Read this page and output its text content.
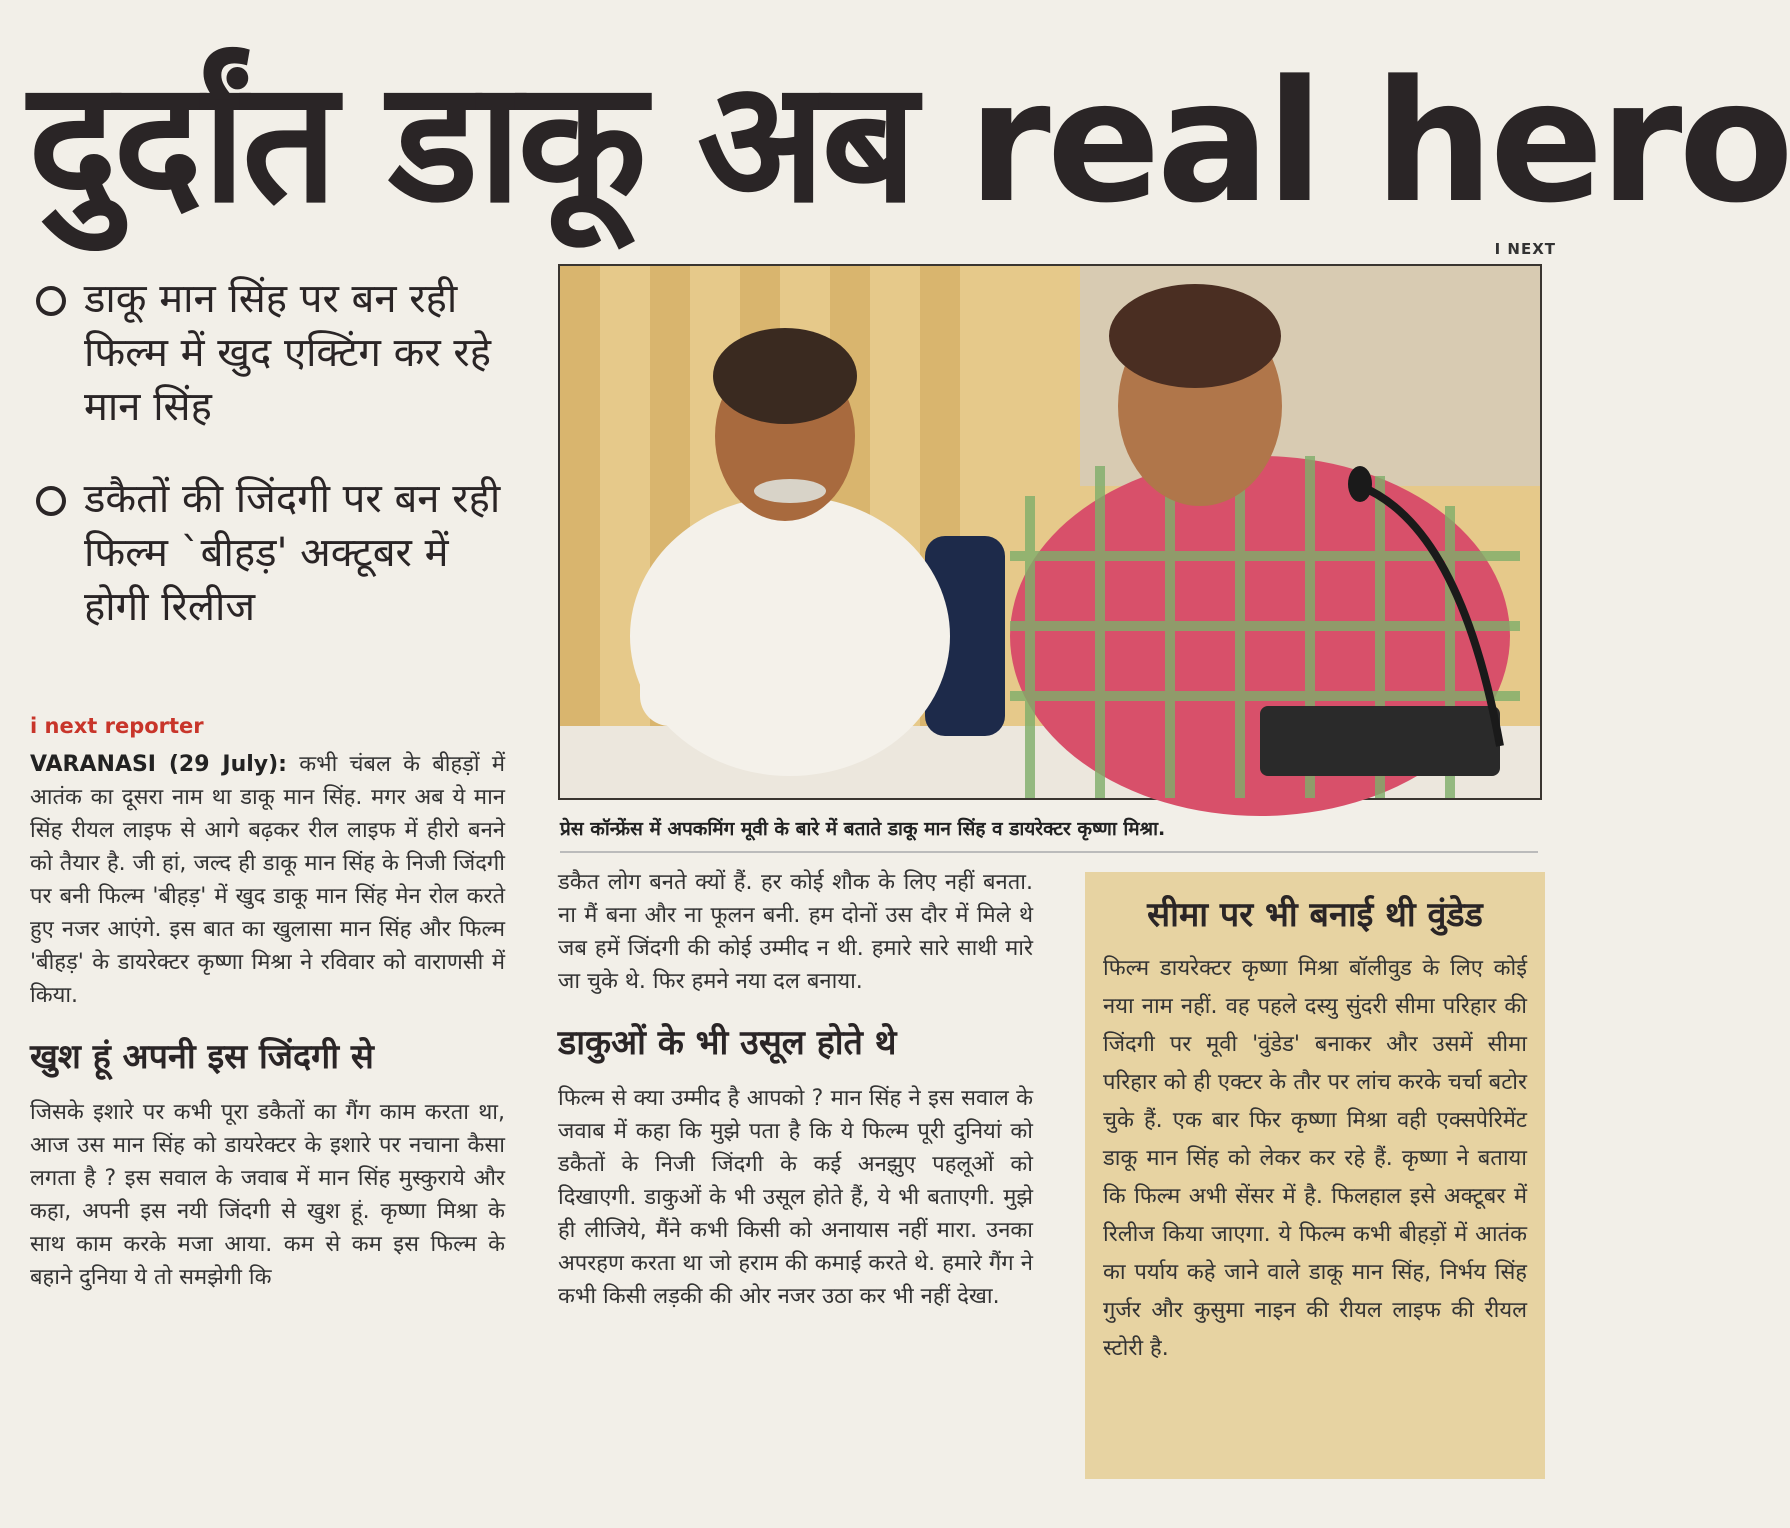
दुर्दांत डाकू अब real hero
I NEXT
डाकू मान सिंह पर बन रही फिल्म में खुद एक्टिंग कर रहे मान सिंह
डकैतों की जिंदगी पर बन रही फिल्म `बीहड़' अक्टूबर में होगी रिलीज
प्रेस कॉन्फ्रेंस में अपकमिंग मूवी के बारे में बताते डाकू मान सिंह व डायरेक्टर कृष्णा मिश्रा.
i next reporter
VARANASI (29 July): कभी चंबल के बीहड़ों में आतंक का दूसरा नाम था डाकू मान सिंह. मगर अब ये मान सिंह रीयल लाइफ से आगे बढ़कर रील लाइफ में हीरो बनने को तैयार है. जी हां, जल्द ही डाकू मान सिंह के निजी जिंदगी पर बनी फिल्म 'बीहड़' में खुद डाकू मान सिंह मेन रोल करते हुए नजर आएंगे. इस बात का खुलासा मान सिंह और फिल्म 'बीहड़' के डायरेक्टर कृष्णा मिश्रा ने रविवार को वाराणसी में किया.
खुश हूं अपनी इस जिंदगी से
जिसके इशारे पर कभी पूरा डकैतों का गैंग काम करता था, आज उस मान सिंह को डायरेक्टर के इशारे पर नचाना कैसा लगता है ? इस सवाल के जवाब में मान सिंह मुस्कुराये और कहा, अपनी इस नयी जिंदगी से खुश हूं. कृष्णा मिश्रा के साथ काम करके मजा आया. कम से कम इस फिल्म के बहाने दुनिया ये तो समझेगी कि
डकैत लोग बनते क्यों हैं. हर कोई शौक के लिए नहीं बनता. ना मैं बना और ना फूलन बनी. हम दोनों उस दौर में मिले थे जब हमें जिंदगी की कोई उम्मीद न थी. हमारे सारे साथी मारे जा चुके थे. फिर हमने नया दल बनाया.
डाकुओं के भी उसूल होते थे
फिल्म से क्या उम्मीद है आपको ? मान सिंह ने इस सवाल के जवाब में कहा कि मुझे पता है कि ये फिल्म पूरी दुनियां को डकैतों के निजी जिंदगी के कई अनझुए पहलूओं को दिखाएगी. डाकुओं के भी उसूल होते हैं, ये भी बताएगी. मुझे ही लीजिये, मैंने कभी किसी को अनायास नहीं मारा. उनका अपरहण करता था जो हराम की कमाई करते थे. हमारे गैंग ने कभी किसी लड़की की ओर नजर उठा कर भी नहीं देखा.
सीमा पर भी बनाई थी वुंडेड
फिल्म डायरेक्टर कृष्णा मिश्रा बॉलीवुड के लिए कोई नया नाम नहीं. वह पहले दस्यु सुंदरी सीमा परिहार की जिंदगी पर मूवी 'वुंडेड' बनाकर और उसमें सीमा परिहार को ही एक्टर के तौर पर लांच करके चर्चा बटोर चुके हैं. एक बार फिर कृष्णा मिश्रा वही एक्सपेरिमेंट डाकू मान सिंह को लेकर कर रहे हैं. कृष्णा ने बताया कि फिल्म अभी सेंसर में है. फिलहाल इसे अक्टूबर में रिलीज किया जाएगा. ये फिल्म कभी बीहड़ों में आतंक का पर्याय कहे जाने वाले डाकू मान सिंह, निर्भय सिंह गुर्जर और कुसुमा नाइन की रीयल लाइफ की रीयल स्टोरी है.
